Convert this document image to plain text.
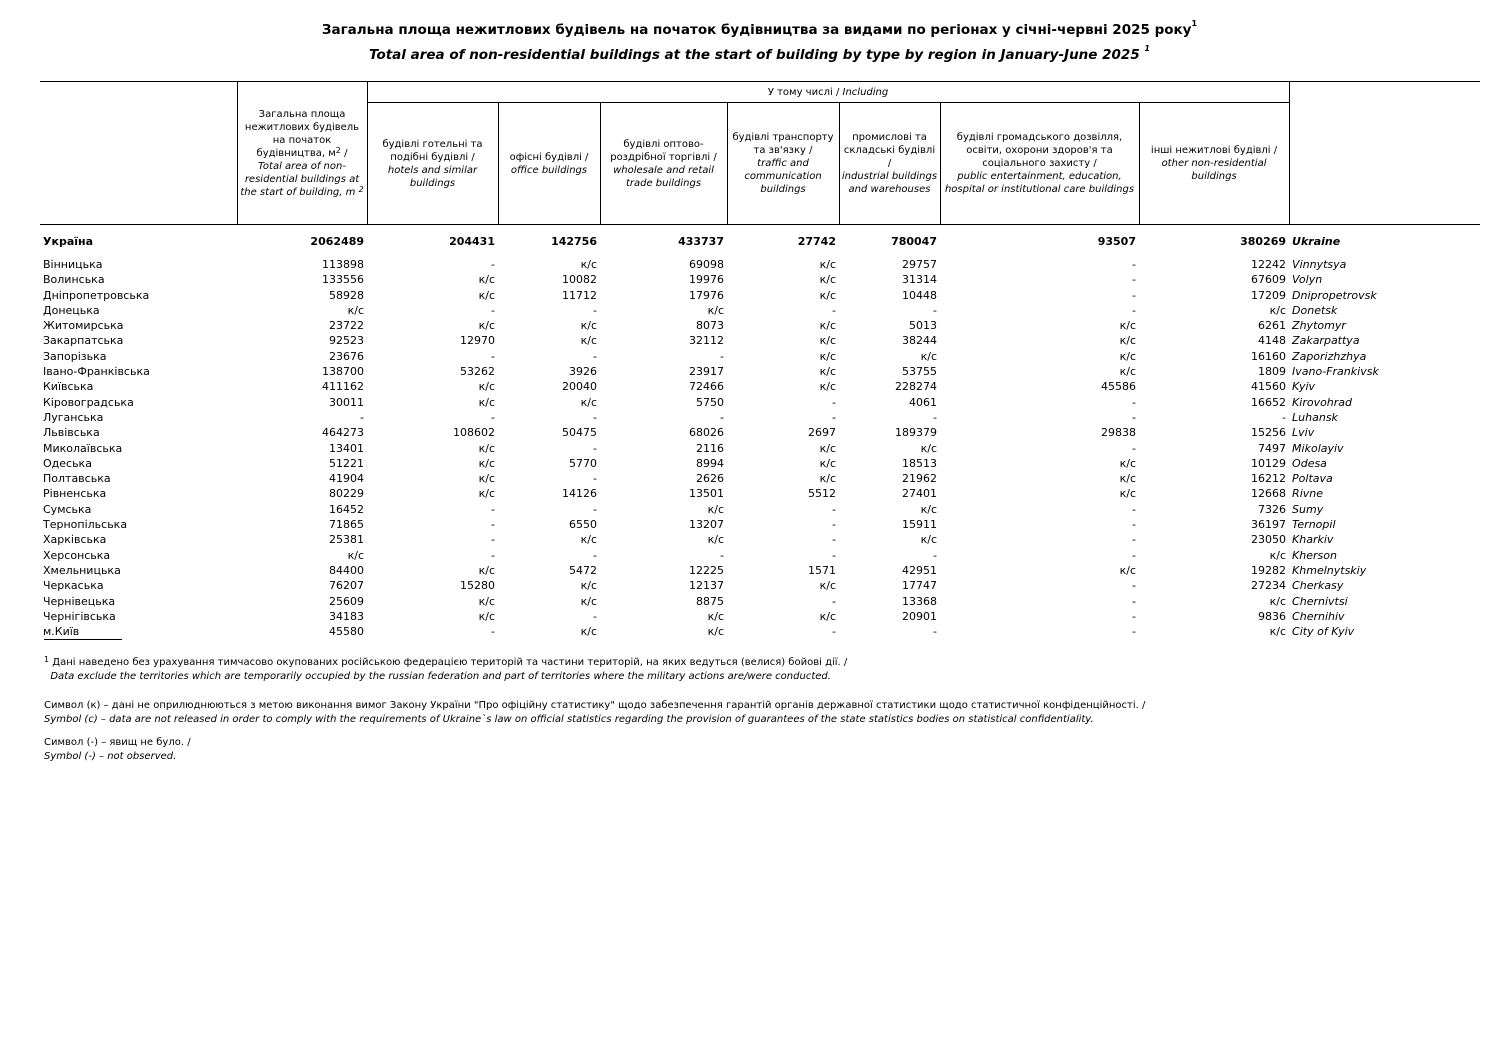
Загальна площа нежитлових будівель на початок будівництва за видами по регіонах у січні-червні 2025 року$^1$
Total area of non-residential buildings at the start of building by type by region in January-June 2025 $^1$
	Загальна площа нежитлових будівель на початок будівництва, $м^2$ /
Total area of non-residential buildings at the start of building, m $^2$	У тому числі / Including							
		будівлі готельні та подібні будівлі /
hotels and similar buildings	офісні будівлі /
office buildings	будівлі оптово-роздрібної торгівлі /
wholesale and retail trade buildings	будівлі транспорту та зв'язку /
traffic and communication buildings	промислові та складські будівлі /
industrial buildings and warehouses	будівлі громадського дозвілля, освіти, охорони здоров'я та соціального захисту /
public entertainment, education, hospital or institutional care buildings	інші нежитлові будівлі /
other non-residential buildings	
Україна	2062489	204431	142756	433737	27742	780047	93507	380269	Ukraine

Вінницька	113898	-	к/с	69098	к/с	29757	-	12242	Vinnytsya
Волинська	133556	к/с	10082	19976	к/с	31314	-	67609	Volyn
Дніпропетровська	58928	к/с	11712	17976	к/с	10448	-	17209	Dnipropetrovsk
Донецька	к/с	-	-	к/с	-	-	-	к/с	Donetsk
Житомирська	23722	к/с	к/с	8073	к/с	5013	к/с	6261	Zhytomyr
Закарпатська	92523	12970	к/с	32112	к/с	38244	к/с	4148	Zakarpattya
Запорізька	23676	-	-	-	к/с	к/с	к/с	16160	Zaporizhzhya
Івано-Франківська	138700	53262	3926	23917	к/с	53755	к/с	1809	Ivano-Frankivsk
Київська	411162	к/с	20040	72466	к/с	228274	45586	41560	Kyiv
Кіровоградська	30011	к/с	к/с	5750	-	4061	-	16652	Kirovohrad
Луганська	-	-	-	-	-	-	-	-	Luhansk
Львівська	464273	108602	50475	68026	2697	189379	29838	15256	Lviv
Миколаївська	13401	к/с	-	2116	к/с	к/с	-	7497	Mikolayiv
Одеська	51221	к/с	5770	8994	к/с	18513	к/с	10129	Odesa
Полтавська	41904	к/с	-	2626	к/с	21962	к/с	16212	Poltava
Рівненська	80229	к/с	14126	13501	5512	27401	к/с	12668	Rivne
Сумська	16452	-	-	к/с	-	к/с	-	7326	Sumy
Тернопільська	71865	-	6550	13207	-	15911	-	36197	Ternopil
Харківська	25381	-	к/с	к/с	-	к/с	-	23050	Kharkiv
Херсонська	к/с	-	-	-	-	-	-	к/с	Kherson
Хмельницька	84400	к/с	5472	12225	1571	42951	к/с	19282	Khmelnytskiy
Черкаська	76207	15280	к/с	12137	к/с	17747	-	27234	Cherkasy
Чернівецька	25609	к/с	к/с	8875	-	13368	-	к/с	Chernivtsi
Чернігівська	34183	к/с	-	к/с	к/с	20901	-	9836	Chernihiv
м.Київ	45580	-	к/с	к/с	-	-	-	к/с	City of Kyiv
$^1$ Дані наведено без урахування тимчасово окупованих російською федерацією територій та частини територій, на яких ведуться (велися) бойові дії. /
Data exclude the territories which are temporarily occupied by the russian federation and part of territories where the military actions are/were conducted.
Символ (к) – дані не оприлюднюються з метою виконання вимог Закону України "Про офіційну статистику" щодо забезпечення гарантій органів державної статистики щодо статистичної конфіденційності. /
Symbol (c) – data are not released in order to comply with the requirements of Ukraine`s law on official statistics regarding the provision of guarantees of the state statistics bodies on statistical confidentiality.
Символ (-) – явищ не було. /
Symbol (-) – not observed.
